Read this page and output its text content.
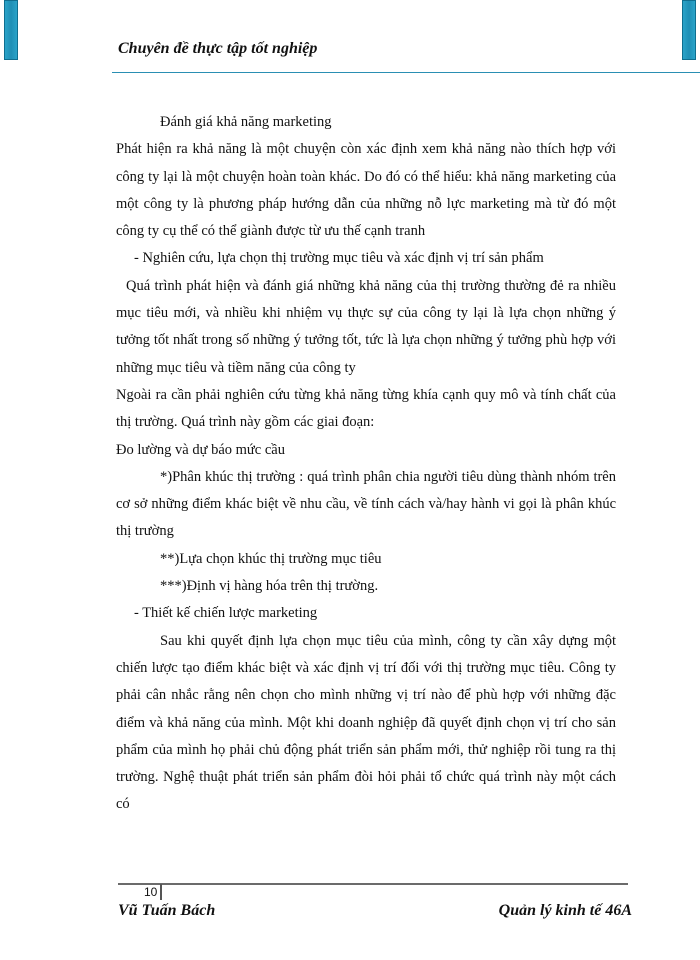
Chuyên đề thực tập tốt nghiệp

Đánh giá khả năng marketing

Phát hiện ra khả năng là một chuyện còn xác định xem khả năng nào thích hợp với công ty lại là một chuyện hoàn toàn khác. Do đó có thể hiểu: khả năng marketing của một công ty là phương pháp hướng dẫn của những nỗ lực marketing mà từ đó một công ty cụ thể có thể giành được từ ưu thế cạnh tranh

- Nghiên cứu, lựa chọn thị trường mục tiêu và xác định vị trí sản phẩm

Quá trình phát hiện và đánh giá những khả năng của thị trường thường đẻ ra nhiều mục tiêu mới, và nhiều khi nhiệm vụ thực sự của công ty lại là lựa chọn những ý tưởng tốt nhất trong số những ý tưởng tốt, tức là lựa chọn những ý tưởng phù hợp với những mục tiêu và tiềm năng của công ty

Ngoài ra cần phải nghiên cứu từng khả năng từng khía cạnh quy mô và tính chất của thị trường. Quá trình này gồm các giai đoạn:

Đo lường và dự báo mức cầu

*)Phân khúc thị trường : quá trình phân chia người tiêu dùng thành nhóm trên cơ sở những điểm khác biệt về nhu cầu, về tính cách và/hay hành vi gọi là phân khúc thị trường

**)Lựa chọn khúc thị trường mục tiêu

***)Định vị hàng hóa trên thị trường.

- Thiết kế chiến lược marketing

Sau khi quyết định lựa chọn mục tiêu của mình, công ty cần xây dựng một chiến lược tạo điểm khác biệt và xác định vị trí đối với thị trường mục tiêu. Công ty phải cân nhắc rằng nên chọn cho mình những vị trí nào để phù hợp với những đặc điểm và khả năng của mình. Một khi doanh nghiệp đã quyết định chọn vị trí cho sản phẩm của mình họ phải chủ động phát triển sản phẩm mới, thử nghiệp rồi tung ra thị trường. Nghệ thuật phát triển sản phẩm đòi hỏi phải tổ chức quá trình này một cách có

10
Vũ Tuấn Bách	Quản lý kinh tế 46A
